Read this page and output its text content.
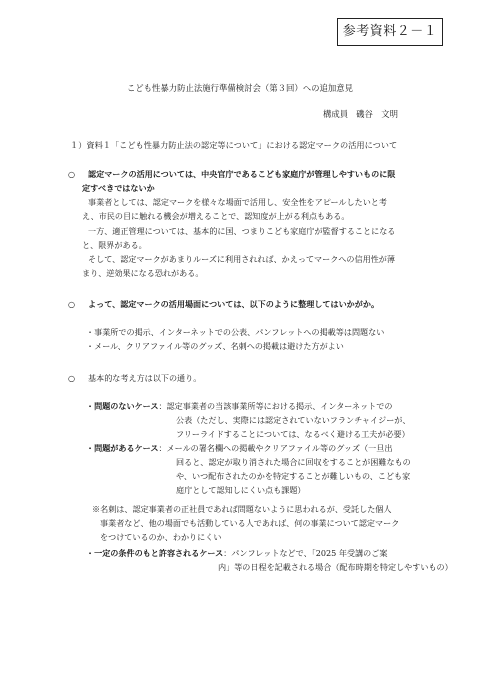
参考資料２－１
こども性暴力防止法施行準備検討会（第３回）への追加意見
構成員 磯谷　文明
１）資料１「こども性暴力防止法の認定等について」における認定マークの活用について
○ 認定マークの活用については、中央官庁であるこども家庭庁が管理しやすいものに限
定すべきではないか
事業者としては、認定マークを様々な場面で活用し、安全性をアピールしたいと考
え、市民の目に触れる機会が増えることで、認知度が上がる利点もある。
一方、適正管理については、基本的に国、つまりこども家庭庁が監督することになる
と、限界がある。
そして、認定マークがあまりルーズに利用されれば、かえってマークへの信用性が薄
まり、逆効果になる恐れがある。
○ よって、認定マークの活用場面については、以下のように整理してはいかがか。
・事業所での掲示、インターネットでの公表、パンフレットへの掲載等は問題ない
・メール、クリアファイル等のグッズ、名刺への掲載は避けた方がよい
○ 基本的な考え方は以下の通り。
・問題のないケース：認定事業者の当該事業所等における掲示、インターネットでの
公表（ただし、実際には認定されていないフランチャイジーが、
フリーライドすることについては、なるべく避ける工夫が必要）
・問題があるケース：メールの署名欄への掲載やクリアファイル等のグッズ（一旦出
回ると、認定が取り消された場合に回収をすることが困難なもの
や、いつ配布されたのかを特定することが難しいもの、こども家
庭庁として認知しにくい点も課題）
※名刺は、認定事業者の正社員であれば問題ないように思われるが、受託した個人
事業者など、他の場面でも活動している人であれば、何の事業について認定マーク
をつけているのか、わかりにくい
・一定の条件のもと許容されるケース：パンフレットなどで、「2025 年受講のご案
内」等の日程を記載される場合（配布時期を特定しやすいもの）
